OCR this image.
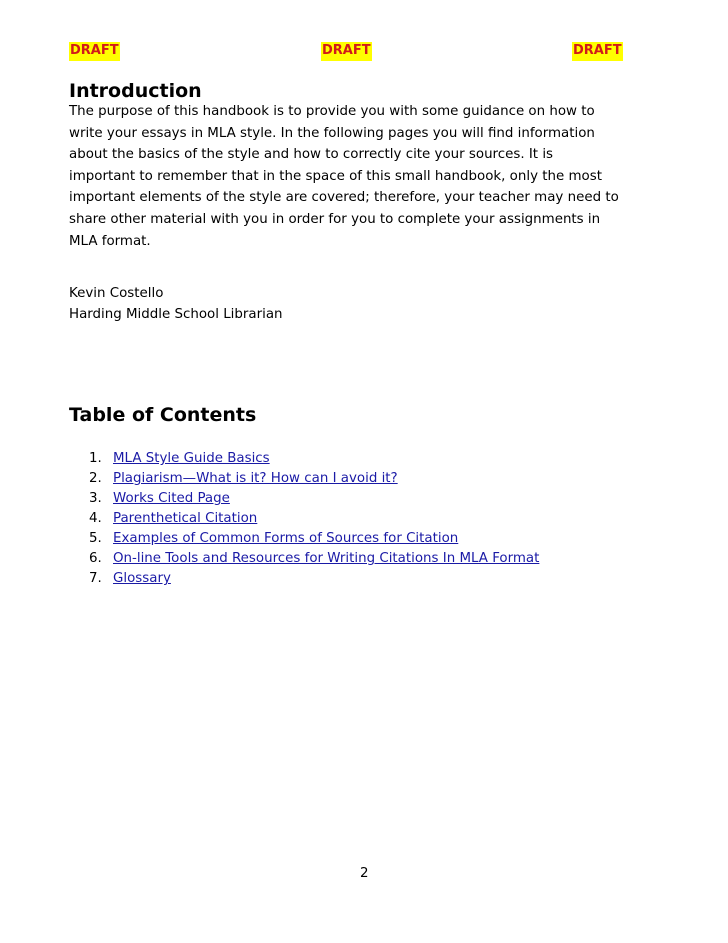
DRAFT	DRAFT	DRAFT
Introduction

The purpose of this handbook is to provide you with some guidance on how to
write your essays in MLA style. In the following pages you will find information
about the basics of the style and how to correctly cite your sources. It is
important to remember that in the space of this small handbook, only the most
important elements of the style are covered; therefore, your teacher may need to
share other material with you in order for you to complete your assignments in
MLA format.

Kevin Costello
Harding Middle School Librarian

Table of Contents
1. MLA Style Guide Basics
2. Plagiarism—What is it? How can I avoid it?
3. Works Cited Page
4. Parenthetical Citation
5. Examples of Common Forms of Sources for Citation
6. On-line Tools and Resources for Writing Citations In MLA Format
7. Glossary
2
